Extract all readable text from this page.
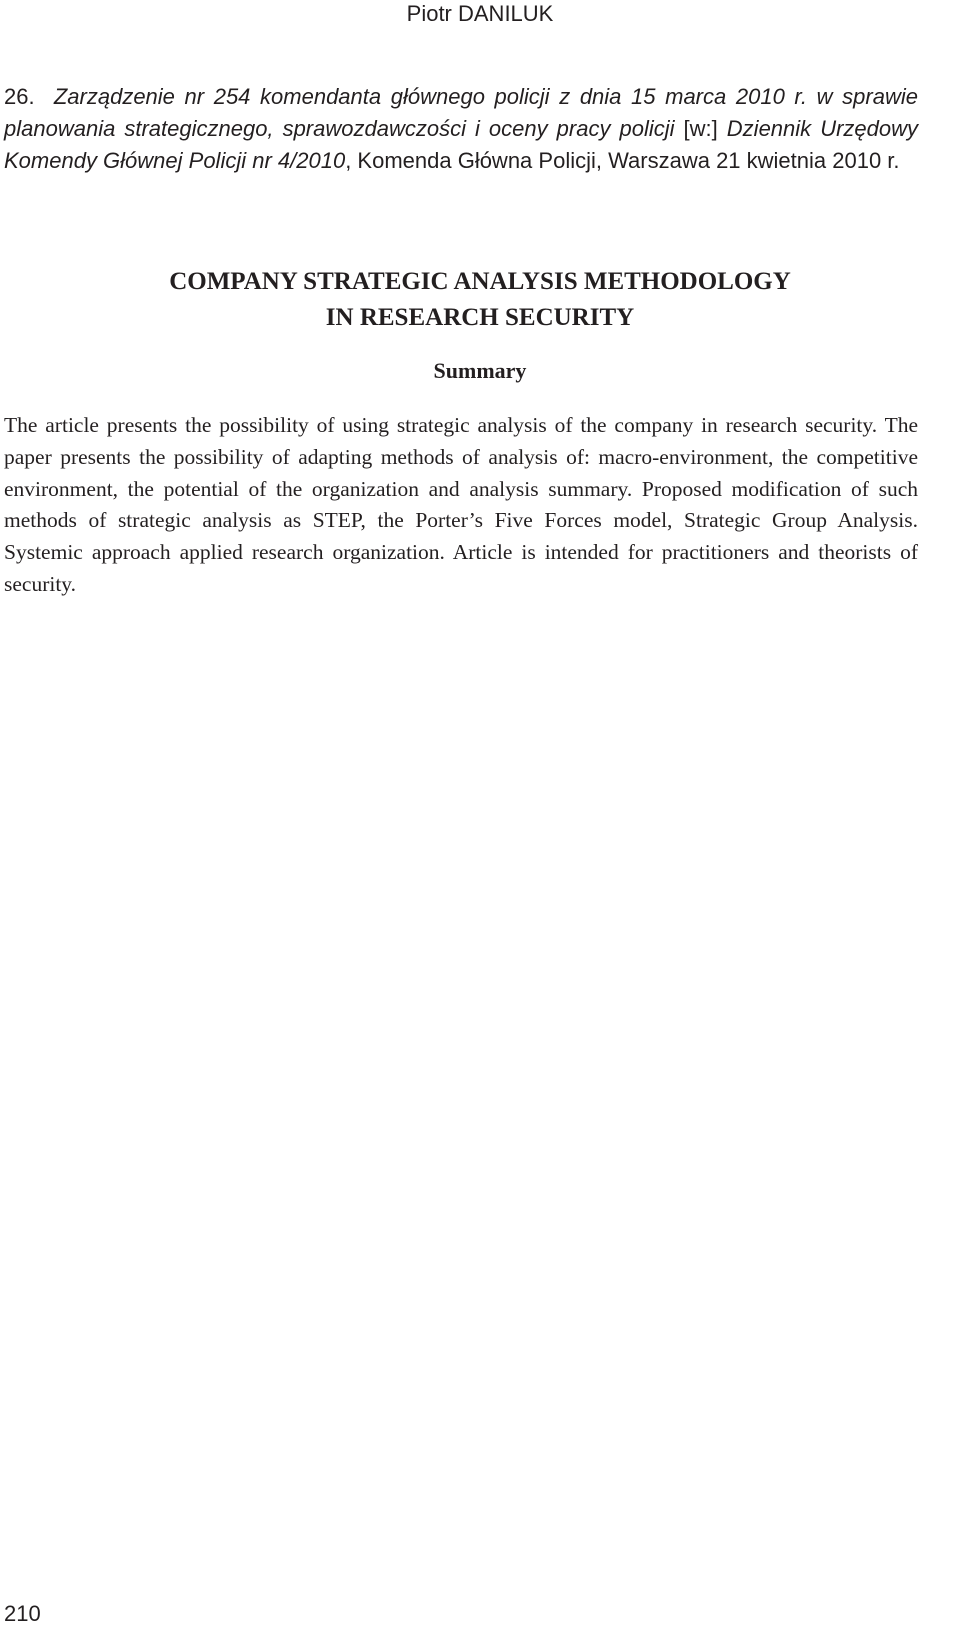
Piotr DANILUK
26. Zarządzenie nr 254 komendanta głównego policji z dnia 15 marca 2010 r. w sprawie planowania strategicznego, sprawozdawczości i oceny pracy policji [w:] Dziennik Urzędowy Komendy Głównej Policji nr 4/2010, Komenda Główna Policji, Warszawa 21 kwietnia 2010 r.
COMPANY STRATEGIC ANALYSIS METHODOLOGY
IN RESEARCH SECURITY
Summary
The article presents the possibility of using strategic analysis of the company in research security. The paper presents the possibility of adapting methods of analysis of: macro-environment, the competitive environment, the potential of the organization and analysis summary. Proposed modification of such methods of strategic analysis as STEP, the Porter’s Five Forces model, Strategic Group Analysis. Systemic approach applied research organization. Article is intended for practitioners and theorists of security.
210
